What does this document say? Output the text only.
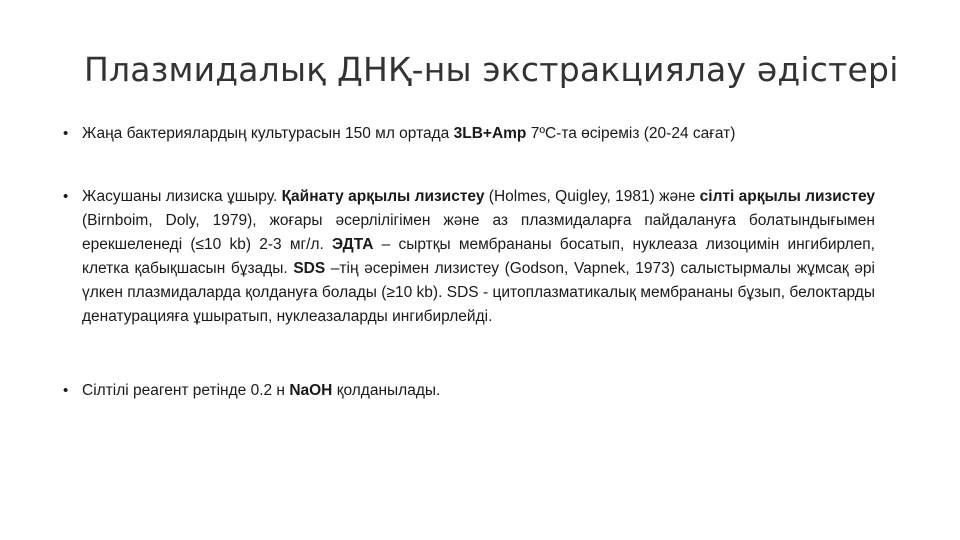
Плазмидалық ДНҚ-ны экстракциялау әдістері
• Жаңа бактериялардың культурасын 150 мл ортада 3LB+Amp 7ºC-та өсіреміз (20-24 сағат)
• Жасушаны лизиска ұшыру. Қайнату арқылы лизистеу (Holmes, Quigley, 1981) және сілті арқылы лизистеу (Birnboim, Doly, 1979), жоғары әсерлілігімен және аз плазмидаларға пайдалануға болатындығымен ерекшеленеді (≤10 kb) 2-3 мг/л. ЭДТА – сыртқы мембрананы босатып, нуклеаза лизоцимін ингибирлеп, клетка қабықшасын бұзады. SDS –тің әсерімен лизистеу (Godson, Vapnek, 1973) салыстырмалы жұмсақ әрі үлкен плазмидаларда қолдануға болады (≥10 kb). SDS - цитоплазматикалық мембрананы бұзып, белоктарды денатурацияға ұшыратып, нуклеазаларды ингибирлейді.
• Сілтілі реагент ретінде 0.2 н NaOH қолданылады.
